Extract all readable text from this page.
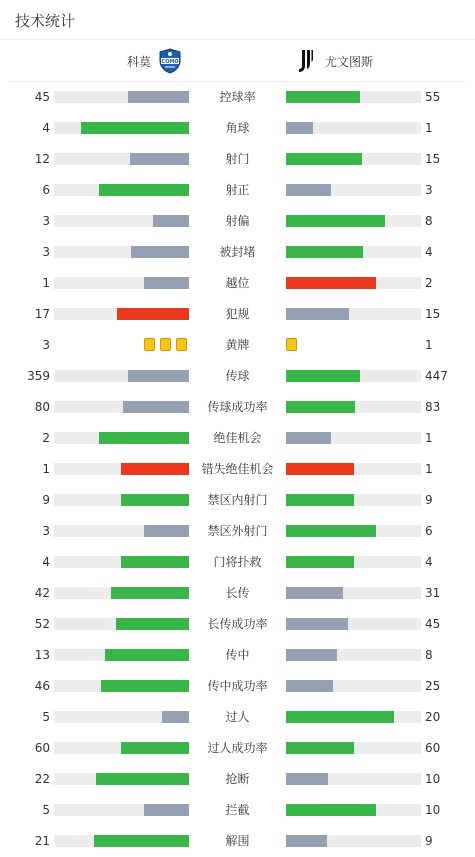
技术统计
科莫 COMO	尤文图斯
45	控球率	55
4	角球	1
12	射门	15
6	射正	3
3	射偏	8
3	被封堵	4
1	越位	2
17	犯规	15
3	黄牌	1
359	传球	447
80	传球成功率	83
2	绝佳机会	1
1	错失绝佳机会	1
9	禁区内射门	9
3	禁区外射门	6
4	门将扑救	4
42	长传	31
52	长传成功率	45
13	传中	8
46	传中成功率	25
5	过人	20
60	过人成功率	60
22	抢断	10
5	拦截	10
21	解围	9
